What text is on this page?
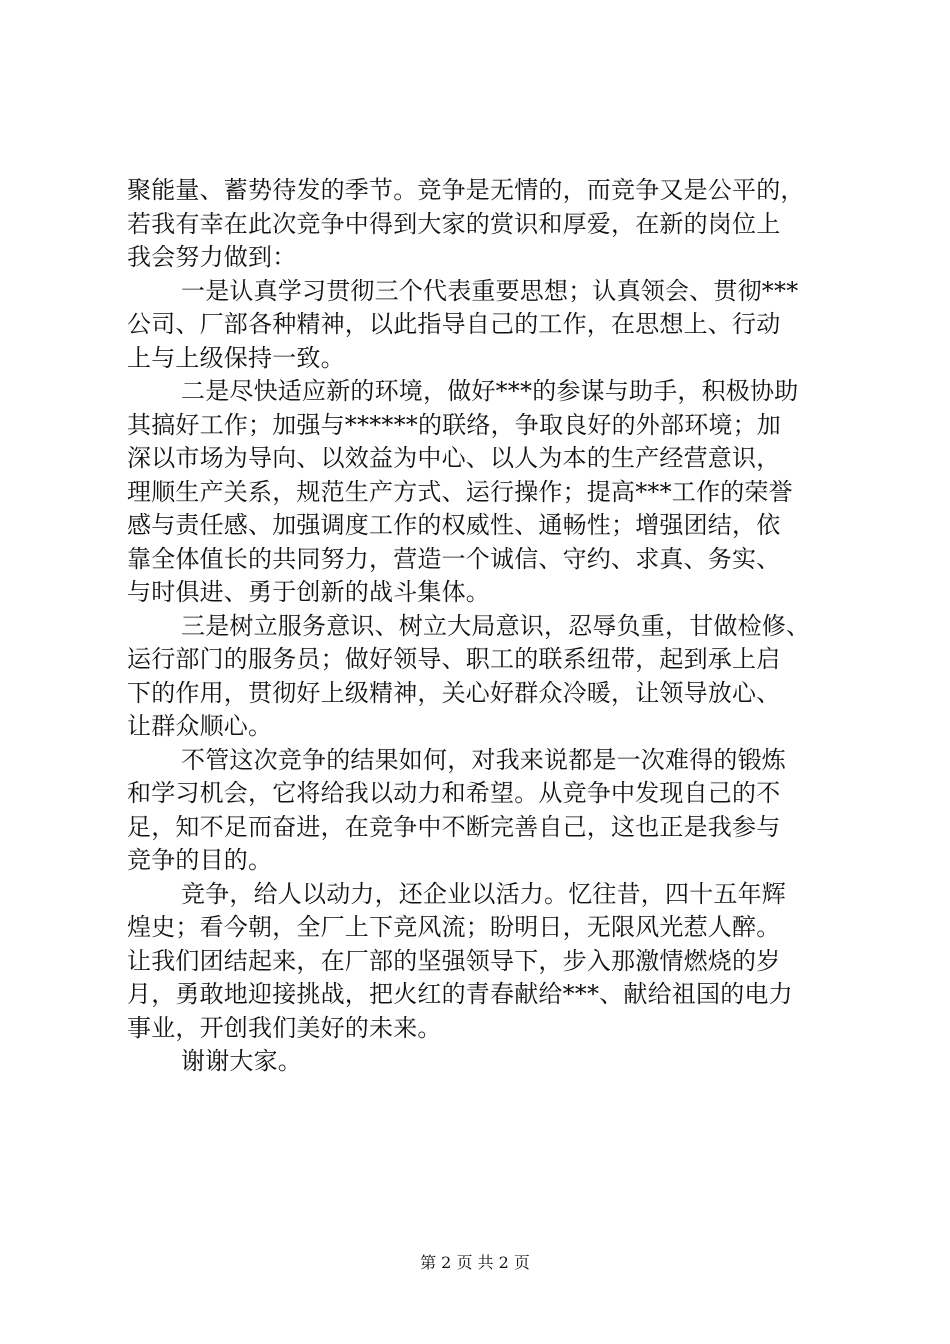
聚能量、蓄势待发的季节。竞争是无情的，而竞争又是公平的，

若我有幸在此次竞争中得到大家的赏识和厚爱，在新的岗位上

我会努力做到：

一是认真学习贯彻三个代表重要思想；认真领会、贯彻***

公司、厂部各种精神，以此指导自己的工作，在思想上、行动

上与上级保持一致。

二是尽快适应新的环境，做好***的参谋与助手，积极协助

其搞好工作；加强与******的联络，争取良好的外部环境；加

深以市场为导向、以效益为中心、以人为本的生产经营意识，

理顺生产关系，规范生产方式、运行操作；提高***工作的荣誉

感与责任感、加强调度工作的权威性、通畅性；增强团结，依

靠全体值长的共同努力，营造一个诚信、守约、求真、务实、

与时俱进、勇于创新的战斗集体。

三是树立服务意识、树立大局意识，忍辱负重，甘做检修、

运行部门的服务员；做好领导、职工的联系纽带，起到承上启

下的作用，贯彻好上级精神，关心好群众冷暖，让领导放心、

让群众顺心。

不管这次竞争的结果如何，对我来说都是一次难得的锻炼

和学习机会，它将给我以动力和希望。从竞争中发现自己的不

足，知不足而奋进，在竞争中不断完善自己，这也正是我参与

竞争的目的。

竞争，给人以动力，还企业以活力。忆往昔，四十五年辉

煌史；看今朝，全厂上下竞风流；盼明日，无限风光惹人醉。

让我们团结起来，在厂部的坚强领导下，步入那激情燃烧的岁

月，勇敢地迎接挑战，把火红的青春献给***、献给祖国的电力

事业，开创我们美好的未来。

谢谢大家。

第 2 页 共 2 页
